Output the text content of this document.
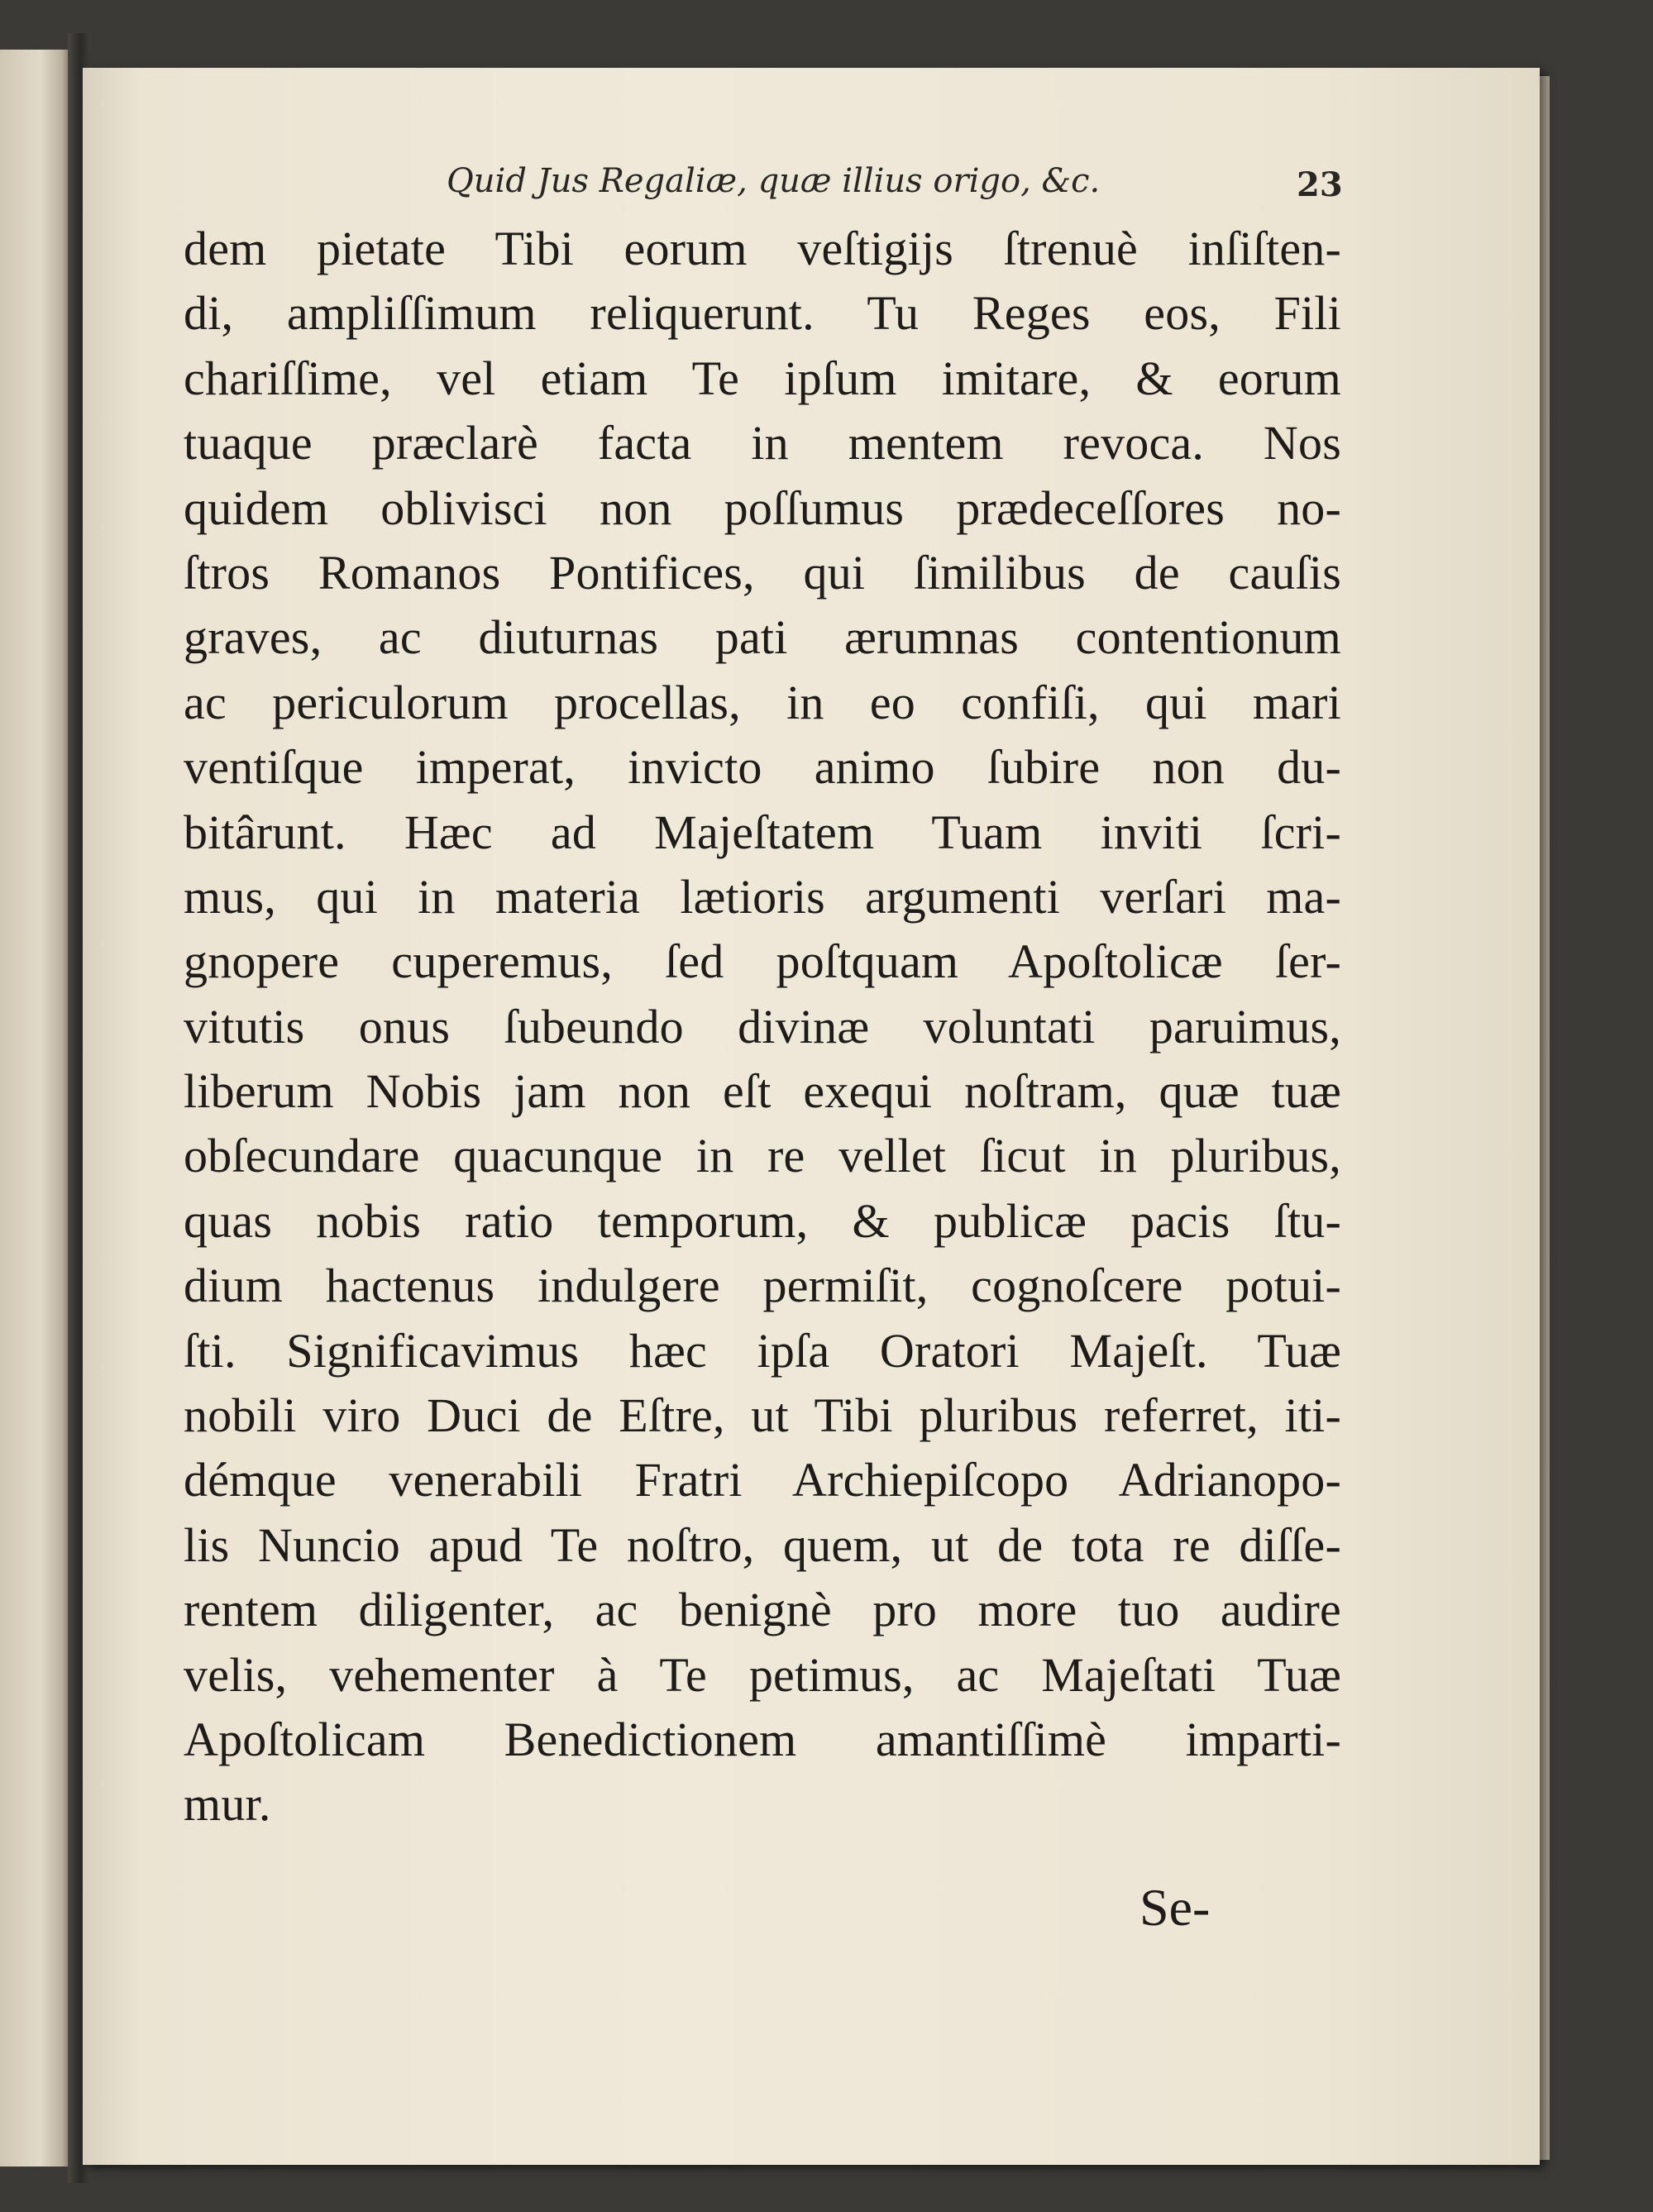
Quid Jus Regaliæ, quæ illius origo, &c.	23
dem pietate Tibi eorum veſtigijs ſtrenuè inſiſten-
di, ampliſſimum reliquerunt. Tu Reges eos, Fili
chariſſime, vel etiam Te ipſum imitare, & eorum
tuaque præclarè facta in mentem revoca. Nos
quidem oblivisci non poſſumus prædeceſſores no-
ſtros Romanos Pontifices, qui ſimilibus de cauſis
graves, ac diuturnas pati ærumnas contentionum
ac periculorum procellas, in eo confiſi, qui mari
ventiſque imperat, invicto animo ſubire non du-
bitârunt. Hæc ad Majeſtatem Tuam inviti ſcri-
mus, qui in materia lætioris argumenti verſari ma-
gnopere cuperemus, ſed poſtquam Apoſtolicæ ſer-
vitutis onus ſubeundo divinæ voluntati paruimus,
liberum Nobis jam non eſt exequi noſtram, quæ tuæ
obſecundare quacunque in re vellet ſicut in pluribus,
quas nobis ratio temporum, & publicæ pacis ſtu-
dium hactenus indulgere permiſit, cognoſcere potui-
ſti. Significavimus hæc ipſa Oratori Majeſt. Tuæ
nobili viro Duci de Eſtre, ut Tibi pluribus referret, iti-
démque venerabili Fratri Archiepiſcopo Adrianopo-
lis Nuncio apud Te noſtro, quem, ut de tota re diſſe-
rentem diligenter, ac benignè pro more tuo audire
velis, vehementer à Te petimus, ac Majeſtati Tuæ
Apoſtolicam Benedictionem amantiſſimè imparti-
mur.
Se-
